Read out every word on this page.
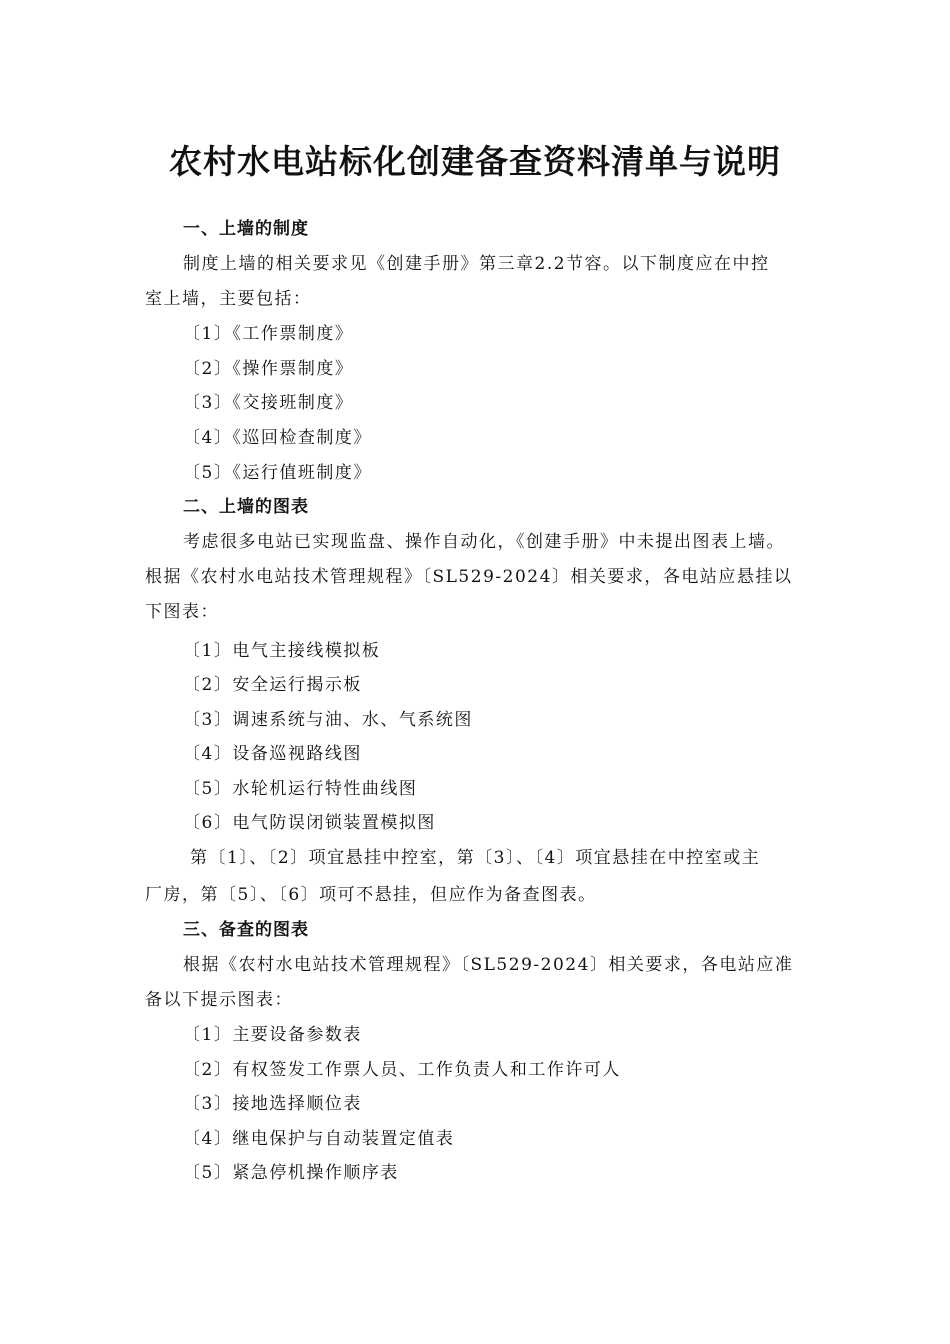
农村水电站标化创建备查资料清单与说明
一、上墙的制度
制度上墙的相关要求见《创建手册》第三章2.2节容。以下制度应在中控
室上墙，主要包括：
〔1〕《工作票制度》
〔2〕《操作票制度》
〔3〕《交接班制度》
〔4〕《巡回检查制度》
〔5〕《运行值班制度》
二、上墙的图表
考虑很多电站已实现监盘、操作自动化，《创建手册》中未提出图表上墙。
根据《农村水电站技术管理规程》〔SL529-2024〕相关要求，各电站应悬挂以
下图表：
〔1〕电气主接线模拟板
〔2〕安全运行揭示板
〔3〕调速系统与油、水、气系统图
〔4〕设备巡视路线图
〔5〕水轮机运行特性曲线图
〔6〕电气防误闭锁装置模拟图
第〔1〕、〔2〕项宜悬挂中控室，第〔3〕、〔4〕项宜悬挂在中控室或主
厂房，第〔5〕、〔6〕项可不悬挂，但应作为备查图表。
三、备查的图表
根据《农村水电站技术管理规程》〔SL529-2024〕相关要求，各电站应准
备以下提示图表：
〔1〕主要设备参数表
〔2〕有权签发工作票人员、工作负责人和工作许可人
〔3〕接地选择顺位表
〔4〕继电保护与自动装置定值表
〔5〕紧急停机操作顺序表
